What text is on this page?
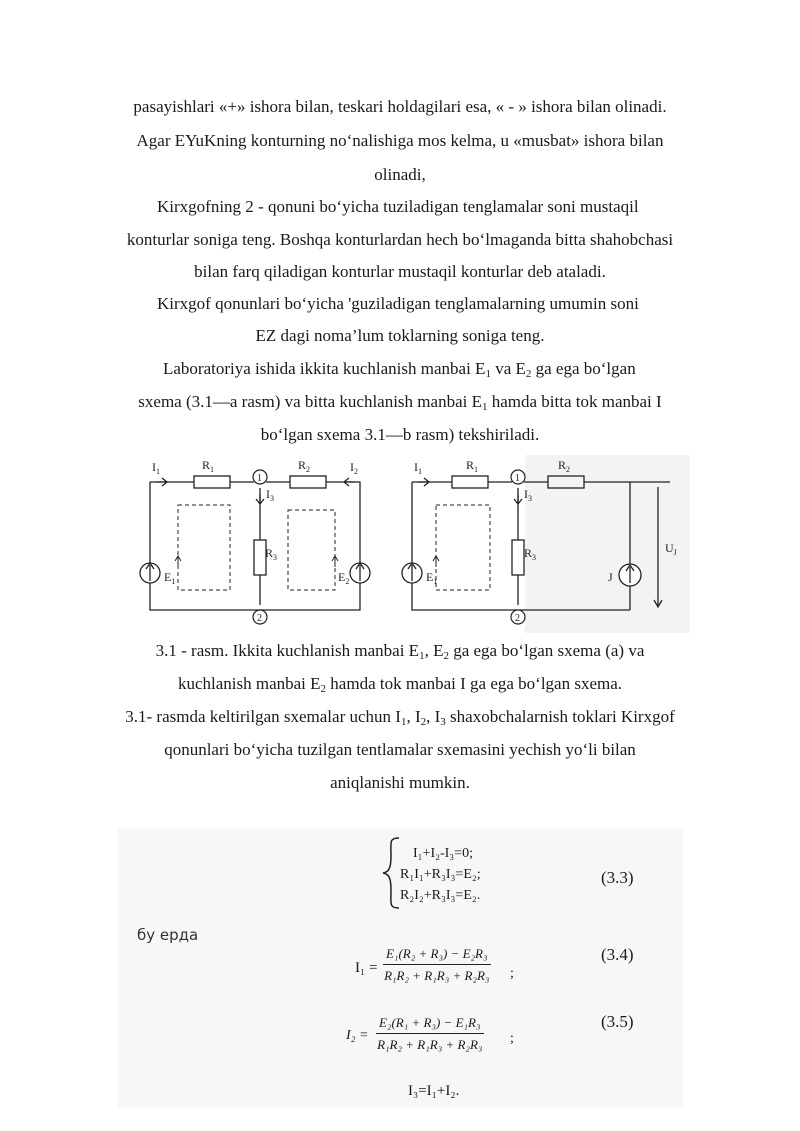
pasayishlari «+» ishora bilan, teskari holdagilari esa, « - » ishora bilan olinadi.
Agar EYuKning konturning no‘nalishiga mos kelma, u «musbat» ishora bilan
olinadi,
Kirxgofning 2 - qonuni bo‘yicha tuziladigan tenglamalar soni mustaqil
konturlar soniga teng. Boshqa konturlardan hech bo‘lmaganda bitta shahobchasi
bilan farq qiladigan konturlar mustaqil konturlar deb ataladi.
Kirxgof qonunlari bo‘yicha 'guziladigan tenglamalarning umumin soni
EZ dagi noma’lum toklarning soniga teng.
Laboratoriya ishida ikkita kuchlanish manbai $E_1$ va $E_2$ ga ega bo‘lgan
sxema (3.1—a rasm) va bitta kuchlanish manbai $E_1$ hamda bitta tok manbai I
bo‘lgan sxema 3.1—b rasm) tekshiriladi.
$I_1$	$R_1$
1
$R_2$	$I_2$
$I_3$
$R_3$
$E_1$	$E_2$
2
$I_1$	$R_1$
1
$R_2$
$I_3$
$R_3$
$E_1$	J
$U_J$
2
3.1 - rasm. Ikkita kuchlanish manbai $E_1$, $E_2$ ga ega bo‘lgan sxema (a) va
kuchlanish manbai $E_2$ hamda tok manbai I ga ega bo‘lgan sxema.
3.1- rasmda keltirilgan sxemalar uchun $I_1$, $I_2$, $I_3$ shaxobchalarnish toklari Kirxgof
qonunlari bo‘yicha tuzilgan tentlamalar sxemasini yechish yo‘li bilan
aniqlanishi mumkin.
I₁+I₂-I₃=0;
R₁I₁+R₃I₃=E₂;
R₂I₂+R₃I₃=E₂.
(3.3)
бу ерда
$I_1 = \frac{\text{E₁(R₂ + R₃) − E₂R₃}}{\text{R₁R₂ + R₁R₃ + R₂R₃}}$ ;
(3.4)
$I_2 = \frac{\text{E₂(R₁ + R₃) − E₁R₃}}{\text{R₁R₂ + R₁R₃ + R₂R₃}}$ ;
(3.5)
I₃=I₁+I₂.
